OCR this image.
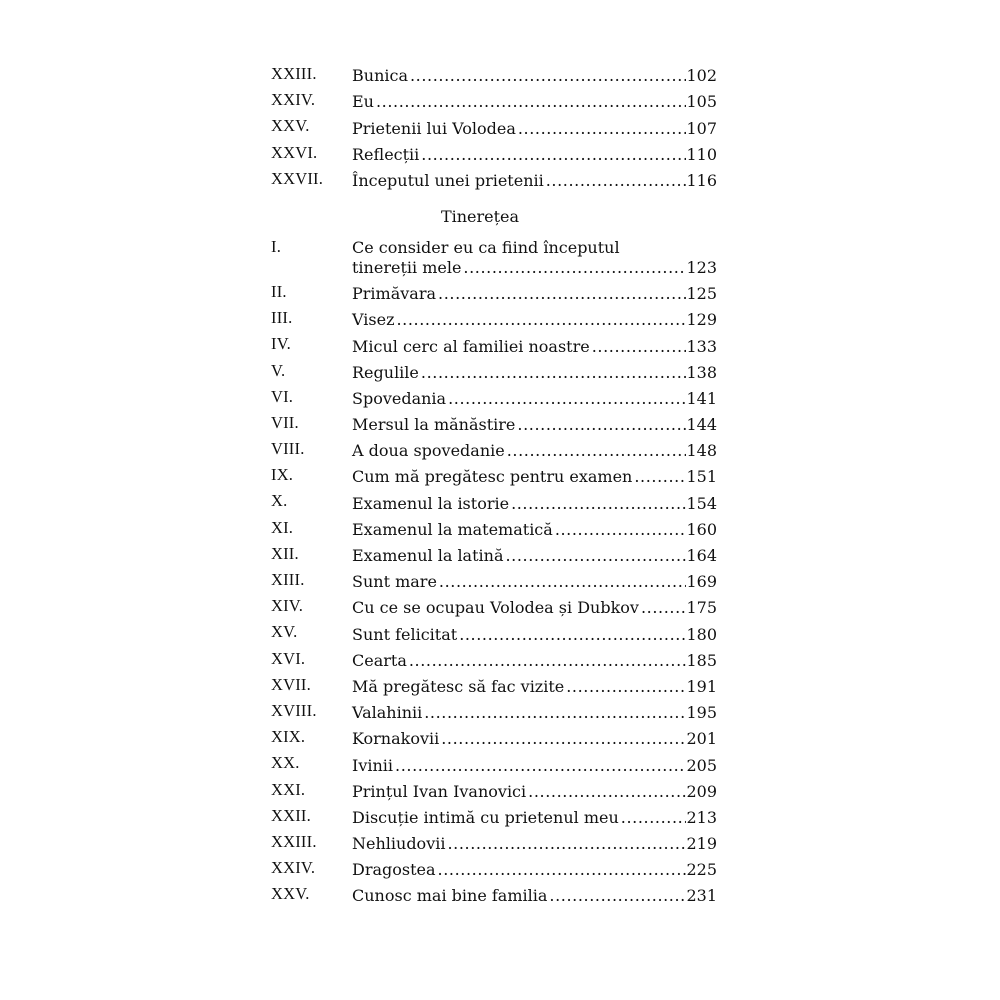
XXIII.	Bunica .....	102
XXIV.	Eu .....	105
XXV.	Prietenii lui Volodea .....	107
XXVI.	Reflecții .....	110
XXVII.	Începutul unei prietenii .....	116
Tinerețea
I.	Ce consider eu ca fiind începutul
tinereții mele .....	123
II.	Primăvara .....	125
III.	Visez .....	129
IV.	Micul cerc al familiei noastre .....	133
V.	Regulile .....	138
VI.	Spovedania .....	141
VII.	Mersul la mănăstire .....	144
VIII.	A doua spovedanie .....	148
IX.	Cum mă pregătesc pentru examen .....	151
X.	Examenul la istorie .....	154
XI.	Examenul la matematică .....	160
XII.	Examenul la latină .....	164
XIII.	Sunt mare .....	169
XIV.	Cu ce se ocupau Volodea și Dubkov .....	175
XV.	Sunt felicitat .....	180
XVI.	Cearta .....	185
XVII.	Mă pregătesc să fac vizite .....	191
XVIII.	Valahinii .....	195
XIX.	Kornakovii .....	201
XX.	Ivinii .....	205
XXI.	Prințul Ivan Ivanovici .....	209
XXII.	Discuție intimă cu prietenul meu .....	213
XXIII.	Nehliudovii .....	219
XXIV.	Dragostea .....	225
XXV.	Cunosc mai bine familia .....	231
